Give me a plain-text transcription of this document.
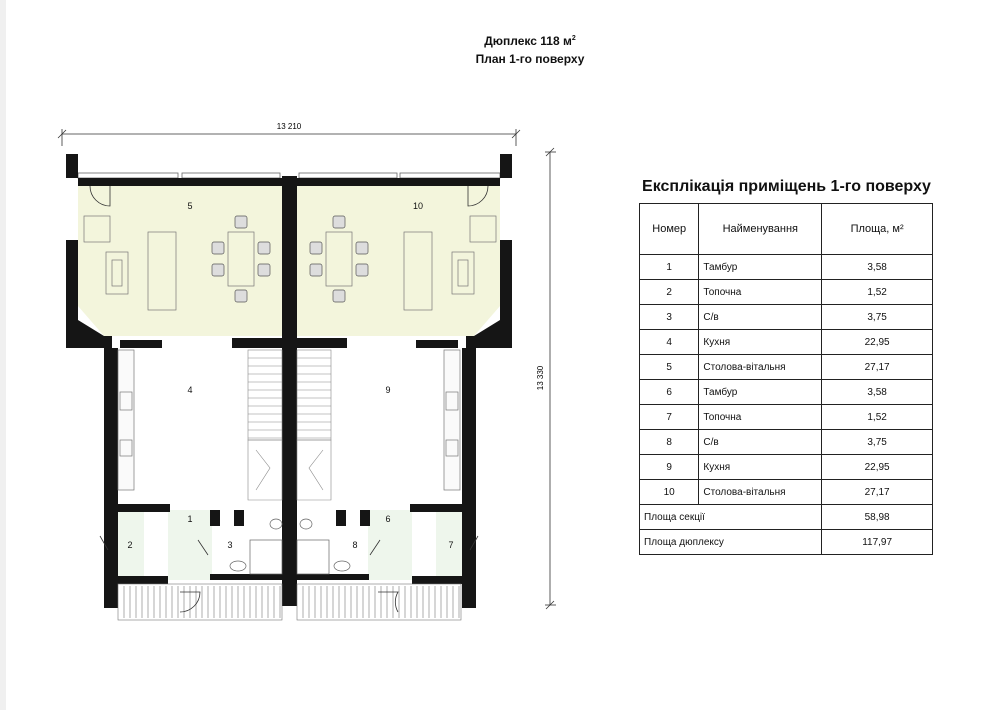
Дюплекс 118 $м^2$
План 1-го поверху
13 210
13 330
1
2	3
4
5
6
7
8
9
10
Експлікація приміщень 1-го поверху
Номер	Найменування	Площа, м²
1	Тамбур	3,58
2	Топочна	1,52
3	С/в	3,75
4	Кухня	22,95
5	Столова-вітальня	27,17
6	Тамбур	3,58
7	Топочна	1,52
8	С/в	3,75
9	Кухня	22,95
10	Столова-вітальня	27,17
Площа секції		58,98
Площа дюплексу		117,97
